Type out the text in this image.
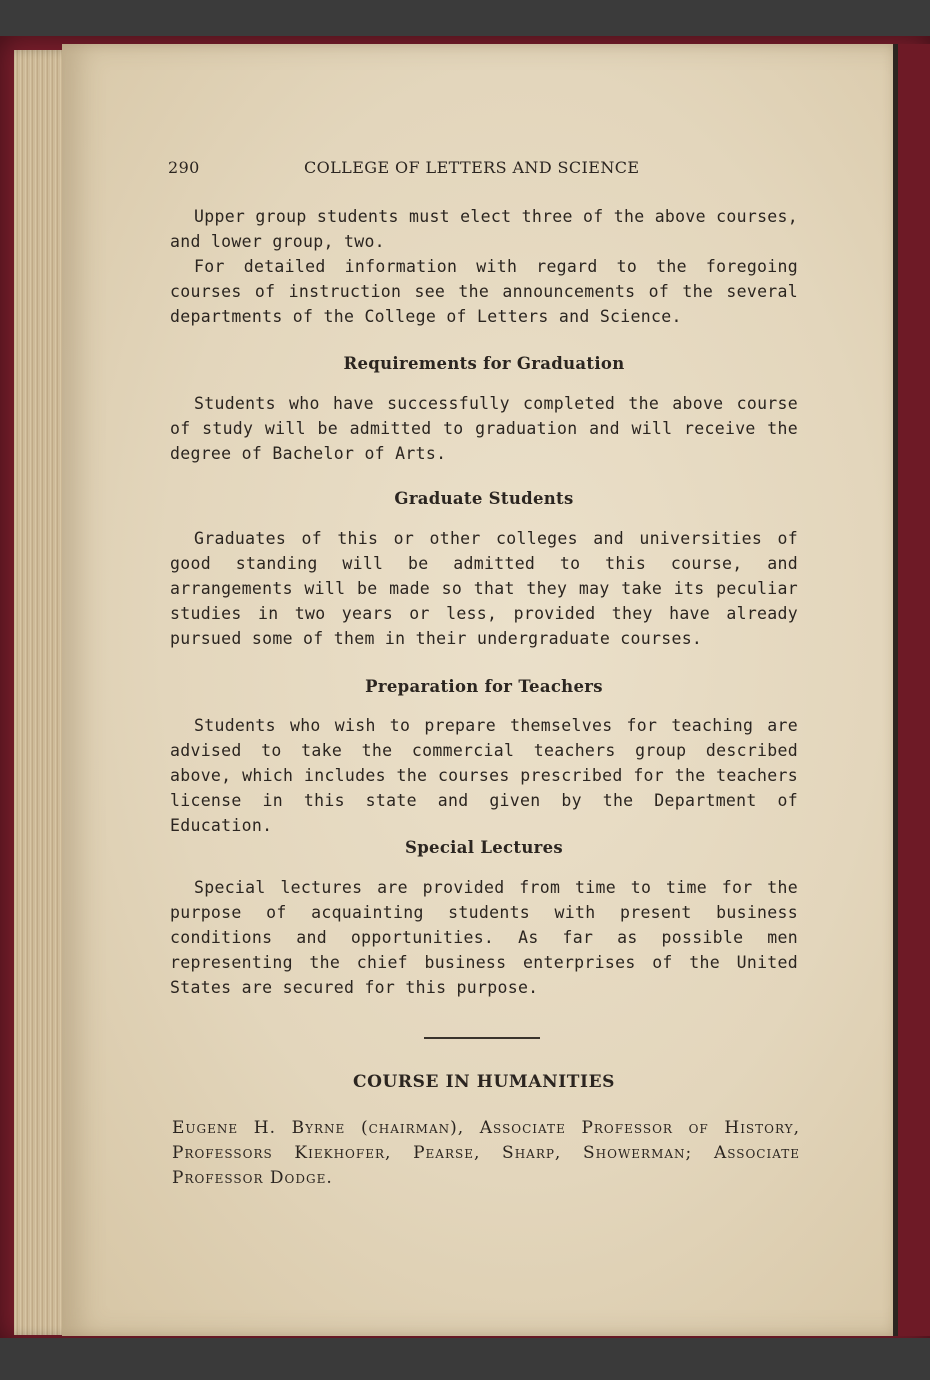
290	COLLEGE OF LETTERS AND SCIENCE
Upper group students must elect three of the above courses, and lower group, two.
For detailed information with regard to the foregoing courses of instruction see the announcements of the several departments of the College of Letters and Science.
Requirements for Graduation
Students who have successfully completed the above course of study will be admitted to graduation and will receive the degree of Bachelor of Arts.
Graduate Students
Graduates of this or other colleges and universities of good standing will be admitted to this course, and arrangements will be made so that they may take its peculiar studies in two years or less, provided they have already pursued some of them in their undergraduate courses.
Preparation for Teachers
Students who wish to prepare themselves for teaching are advised to take the commercial teachers group described above, which includes the courses prescribed for the teachers license in this state and given by the Department of Education.
Special Lectures
Special lectures are provided from time to time for the purpose of acquainting students with present business conditions and opportunities. As far as possible men representing the chief business enterprises of the United States are secured for this purpose.
COURSE IN HUMANITIES
Eugene H. Byrne (chairman), Associate Professor of History, Professors Kiekhofer, Pearse, Sharp, Showerman; Associate Professor Dodge.
